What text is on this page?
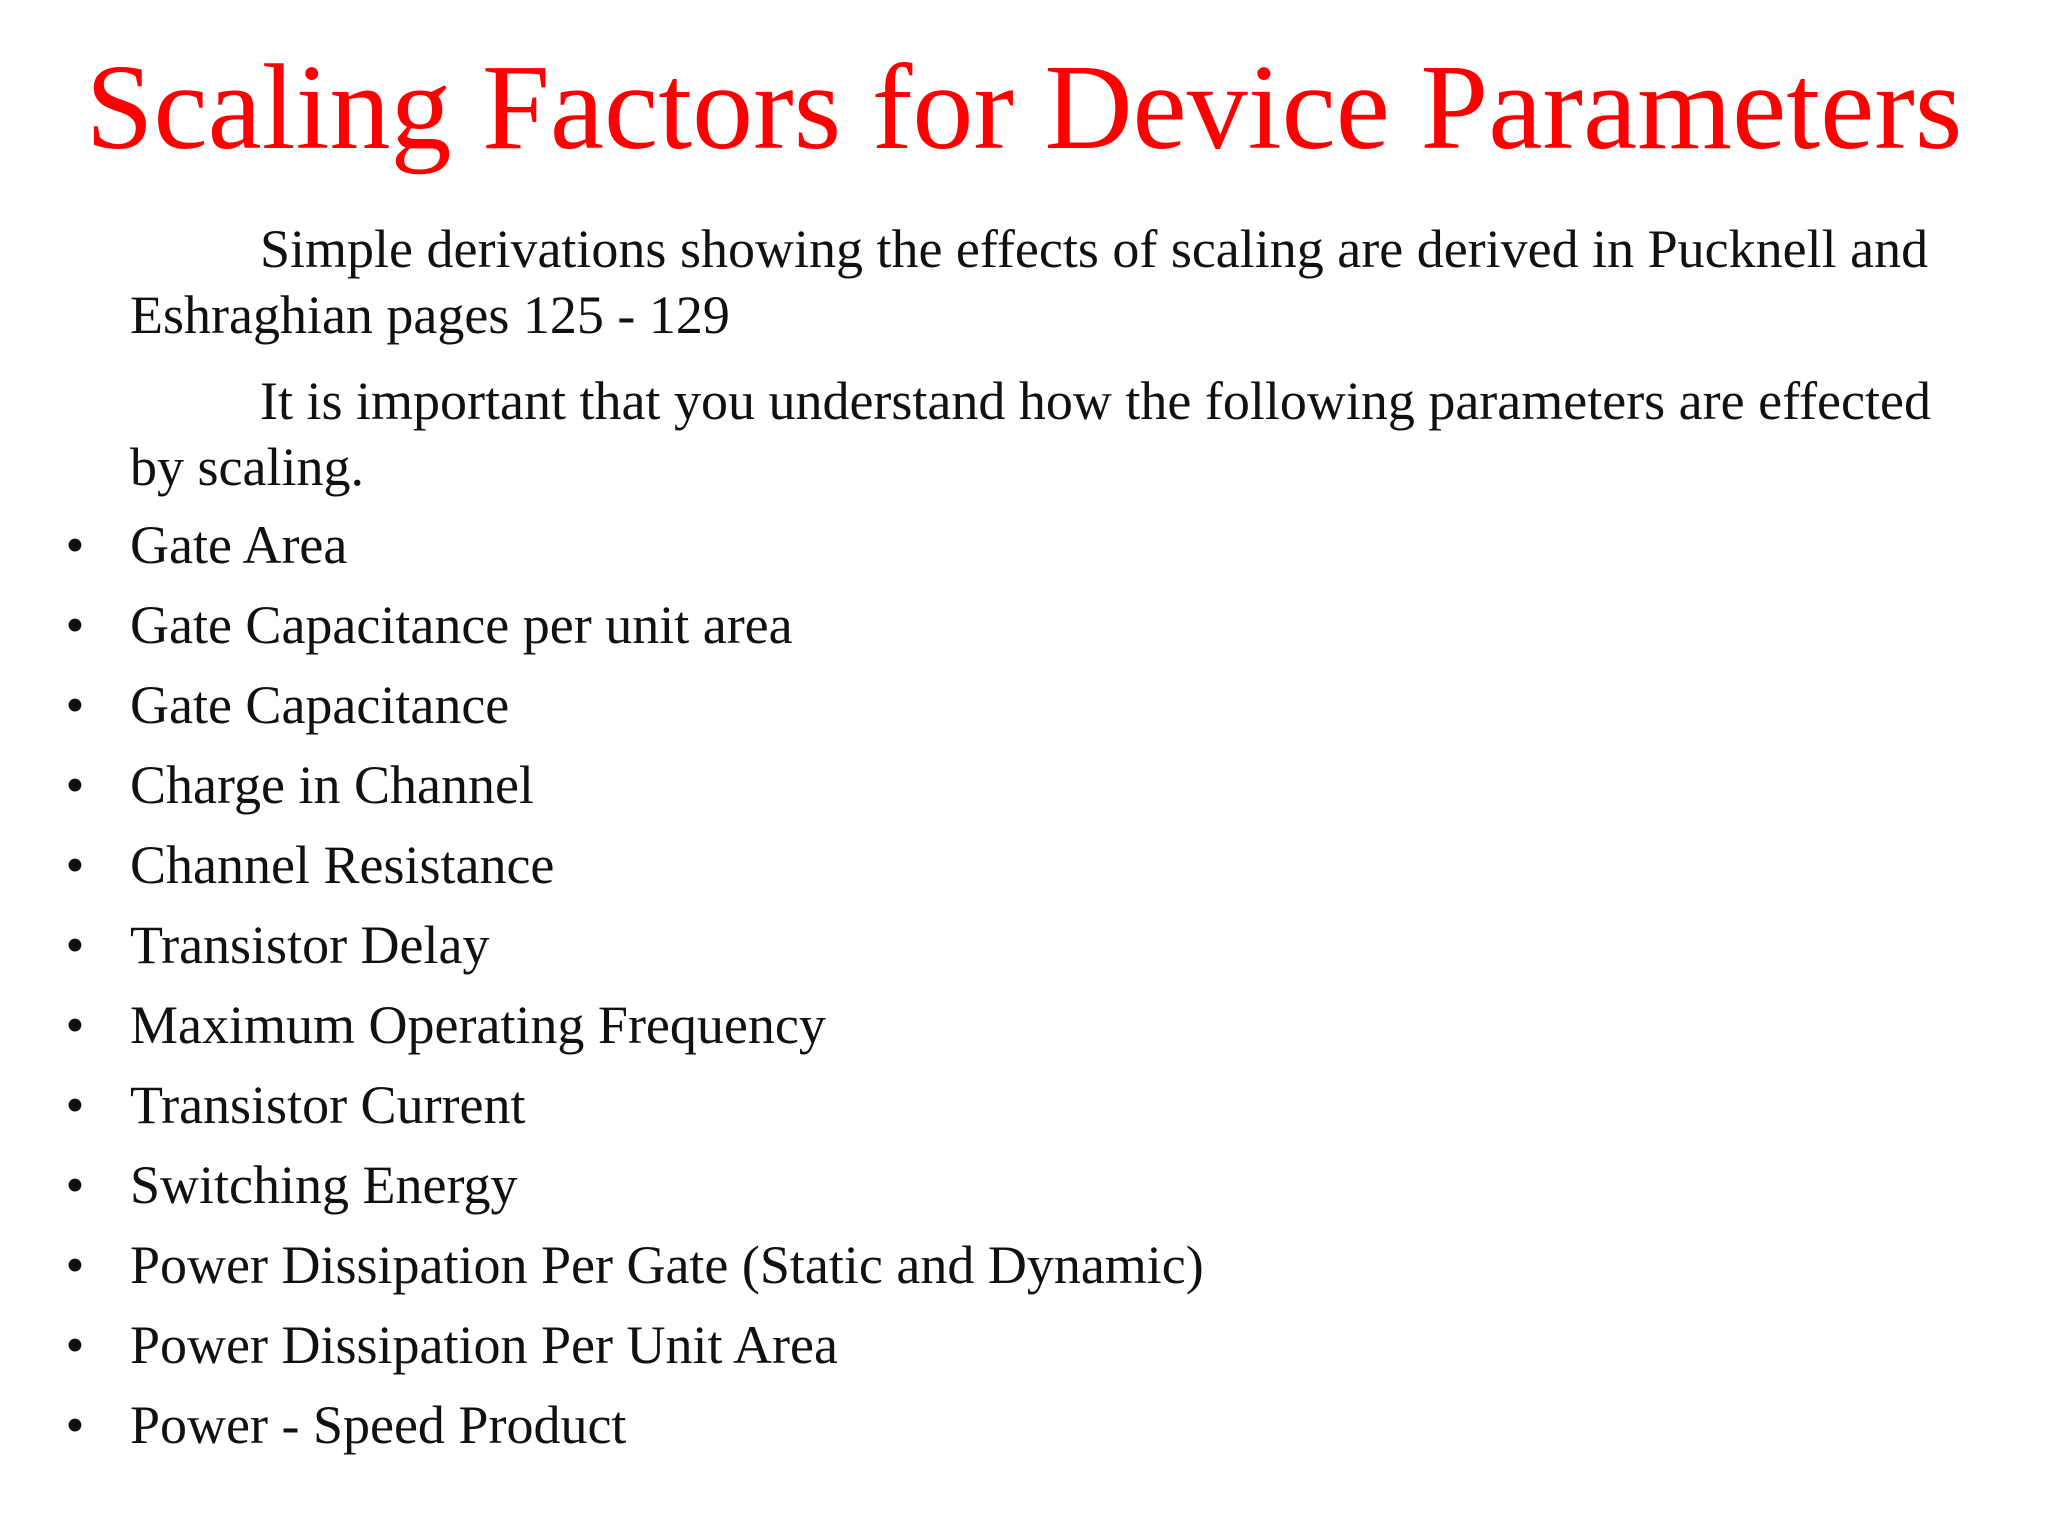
Scaling Factors for Device Parameters

Simple derivations showing the effects of scaling are derived in Pucknell and Eshraghian pages 125 - 129

It is important that you understand how the following parameters are effected by scaling.

• Gate Area
• Gate Capacitance per unit area
• Gate Capacitance
• Charge in Channel
• Channel Resistance
• Transistor Delay
• Maximum Operating Frequency
• Transistor Current
• Switching Energy
• Power Dissipation Per Gate (Static and Dynamic)
• Power Dissipation Per Unit Area
• Power - Speed Product
